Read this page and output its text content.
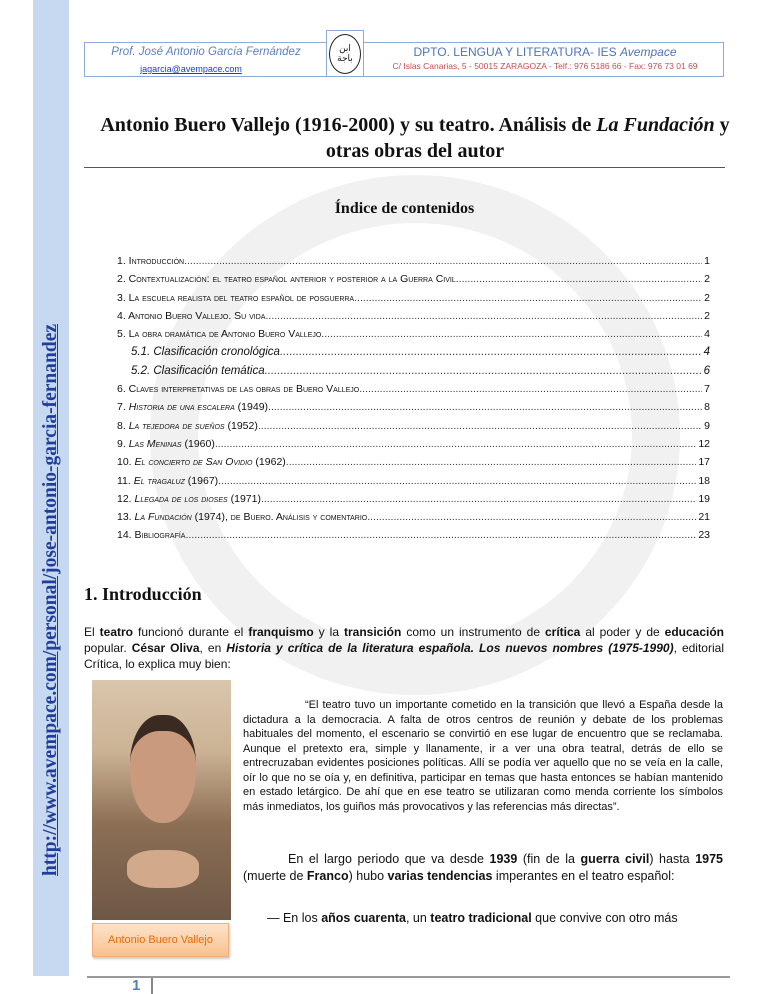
http://www.avempace.com/personal/jose-antonio-garcia-fernandez
Prof. José Antonio García Fernández
jagarcia@avempace.com
DPTO. LENGUA Y LITERATURA- IES Avempace
C/ Islas Canarias, 5 - 50015 ZARAGOZA - Telf.: 976 5186 66 - Fax: 976 73 01 69
ابن باجة
Antonio Buero Vallejo (1916-2000) y su teatro. Análisis de La Fundación y otras obras del autor
Índice de contenidos
1. Introducción .....	1
2. Contextualización: el teatro español anterior y posterior a la Guerra Civil .....	2
3. La escuela realista del teatro español de posguerra .....	2
4. Antonio Buero Vallejo. Su vida .....	2
5. La obra dramática de Antonio Buero Vallejo .....	4
5.1. Clasificación cronológica .....	4
5.2. Clasificación temática .....	6
6. Claves interpretativas de las obras de Buero Vallejo .....	7
7. Historia de una escalera (1949) .....	8
8. La tejedora de sueños (1952) .....	9
9. Las Meninas (1960) .....	12
10. El concierto de San Ovidio (1962) .....	17
11. El tragaluz (1967) .....	18
12. Llegada de los dioses (1971) .....	19
13. La Fundación (1974), de Buero. Análisis y comentario .....	21
14. Bibliografía .....	23
1. Introducción
El teatro funcionó durante el franquismo y la transición como un instrumento de crítica al poder y de educación popular. César Oliva, en Historia y crítica de la literatura española. Los nuevos nombres (1975-1990), editorial Crítica, lo explica muy bien:
Antonio Buero Vallejo
“El teatro tuvo un importante cometido en la transición que llevó a España desde la dictadura a la democracia. A falta de otros centros de reunión y debate de los problemas habituales del momento, el escenario se convirtió en ese lugar de encuentro que se reclamaba. Aunque el pretexto era, simple y llanamente, ir a ver una obra teatral, detrás de ello se entrecruzaban evidentes posiciones políticas. Allí se podía ver aquello que no se veía en la calle, oír lo que no se oía y, en definitiva, participar en temas que hasta entonces se habían mantenido en estado letárgico. De ahí que en ese teatro se utilizaran como menda corriente los símbolos más inmediatos, los guiños más provocativos y las referencias más directas”.
En el largo periodo que va desde 1939 (fin de la guerra civil) hasta 1975 (muerte de Franco) hubo varias tendencias imperantes en el teatro español:
— En los años cuarenta, un teatro tradicional que convive con otro más
1
